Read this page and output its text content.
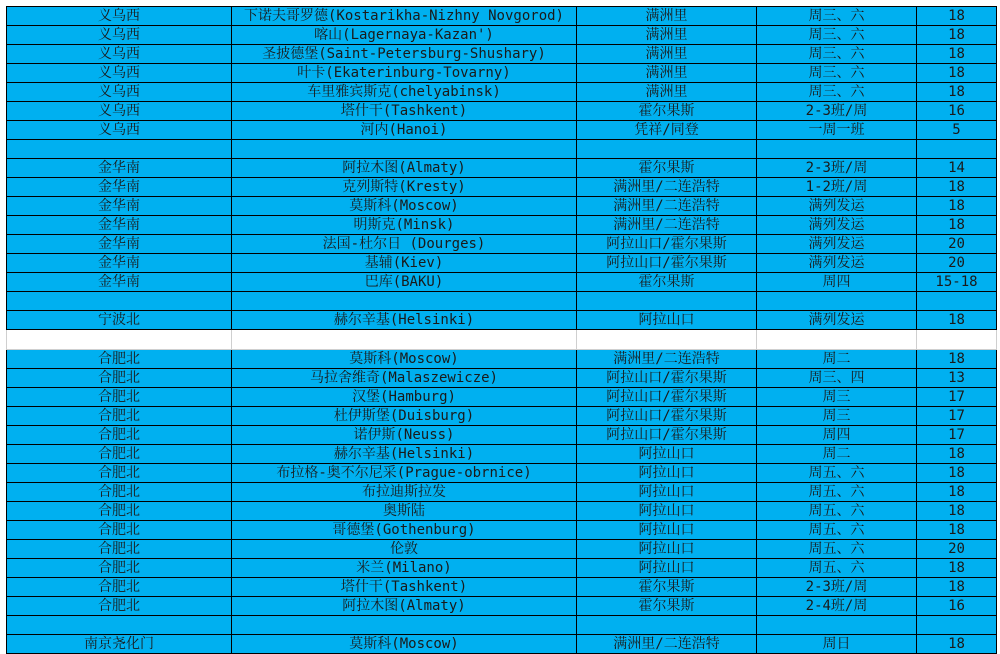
义乌西	下诺夫哥罗德(Kostarikha-Nizhny Novgorod)	满洲里	周三、六	18
义乌西	喀山(Lagernaya-Kazan')	满洲里	周三、六	18
义乌西	圣披德堡(Saint-Petersburg-Shushary)	满洲里	周三、六	18
义乌西	叶卡(Ekaterinburg-Tovarny)	满洲里	周三、六	18
义乌西	车里雅宾斯克(chelyabinsk)	满洲里	周三、六	18
义乌西	塔什干(Tashkent)	霍尔果斯	2-3班/周	16
义乌西	河内(Hanoi)	凭祥/同登	一周一班	5

金华南	阿拉木图(Almaty)	霍尔果斯	2-3班/周	14
金华南	克列斯特(Kresty)	满洲里/二连浩特	1-2班/周	18
金华南	莫斯科(Moscow)	满洲里/二连浩特	满列发运	18
金华南	明斯克(Minsk)	满洲里/二连浩特	满列发运	18
金华南	法国-杜尔日 (Dourges)	阿拉山口/霍尔果斯	满列发运	20
金华南	基辅(Kiev)	阿拉山口/霍尔果斯	满列发运	20
金华南	巴库(BAKU)	霍尔果斯	周四	15-18

宁波北	赫尔辛基(Helsinki)	阿拉山口	满列发运	18

合肥北	莫斯科(Moscow)	满洲里/二连浩特	周二	18
合肥北	马拉舍维奇(Malaszewicze)	阿拉山口/霍尔果斯	周三、四	13
合肥北	汉堡(Hamburg)	阿拉山口/霍尔果斯	周三	17
合肥北	杜伊斯堡(Duisburg)	阿拉山口/霍尔果斯	周三	17
合肥北	诺伊斯(Neuss)	阿拉山口/霍尔果斯	周四	17
合肥北	赫尔辛基(Helsinki)	阿拉山口	周二	18
合肥北	布拉格-奥不尔尼采(Prague-obrnice)	阿拉山口	周五、六	18
合肥北	布拉迪斯拉发	阿拉山口	周五、六	18
合肥北	奥斯陆	阿拉山口	周五、六	18
合肥北	哥德堡(Gothenburg)	阿拉山口	周五、六	18
合肥北	伦敦	阿拉山口	周五、六	20
合肥北	米兰(Milano)	阿拉山口	周五、六	18
合肥北	塔什干(Tashkent)	霍尔果斯	2-3班/周	18
合肥北	阿拉木图(Almaty)	霍尔果斯	2-4班/周	16

南京尧化门	莫斯科(Moscow)	满洲里/二连浩特	周日	18
